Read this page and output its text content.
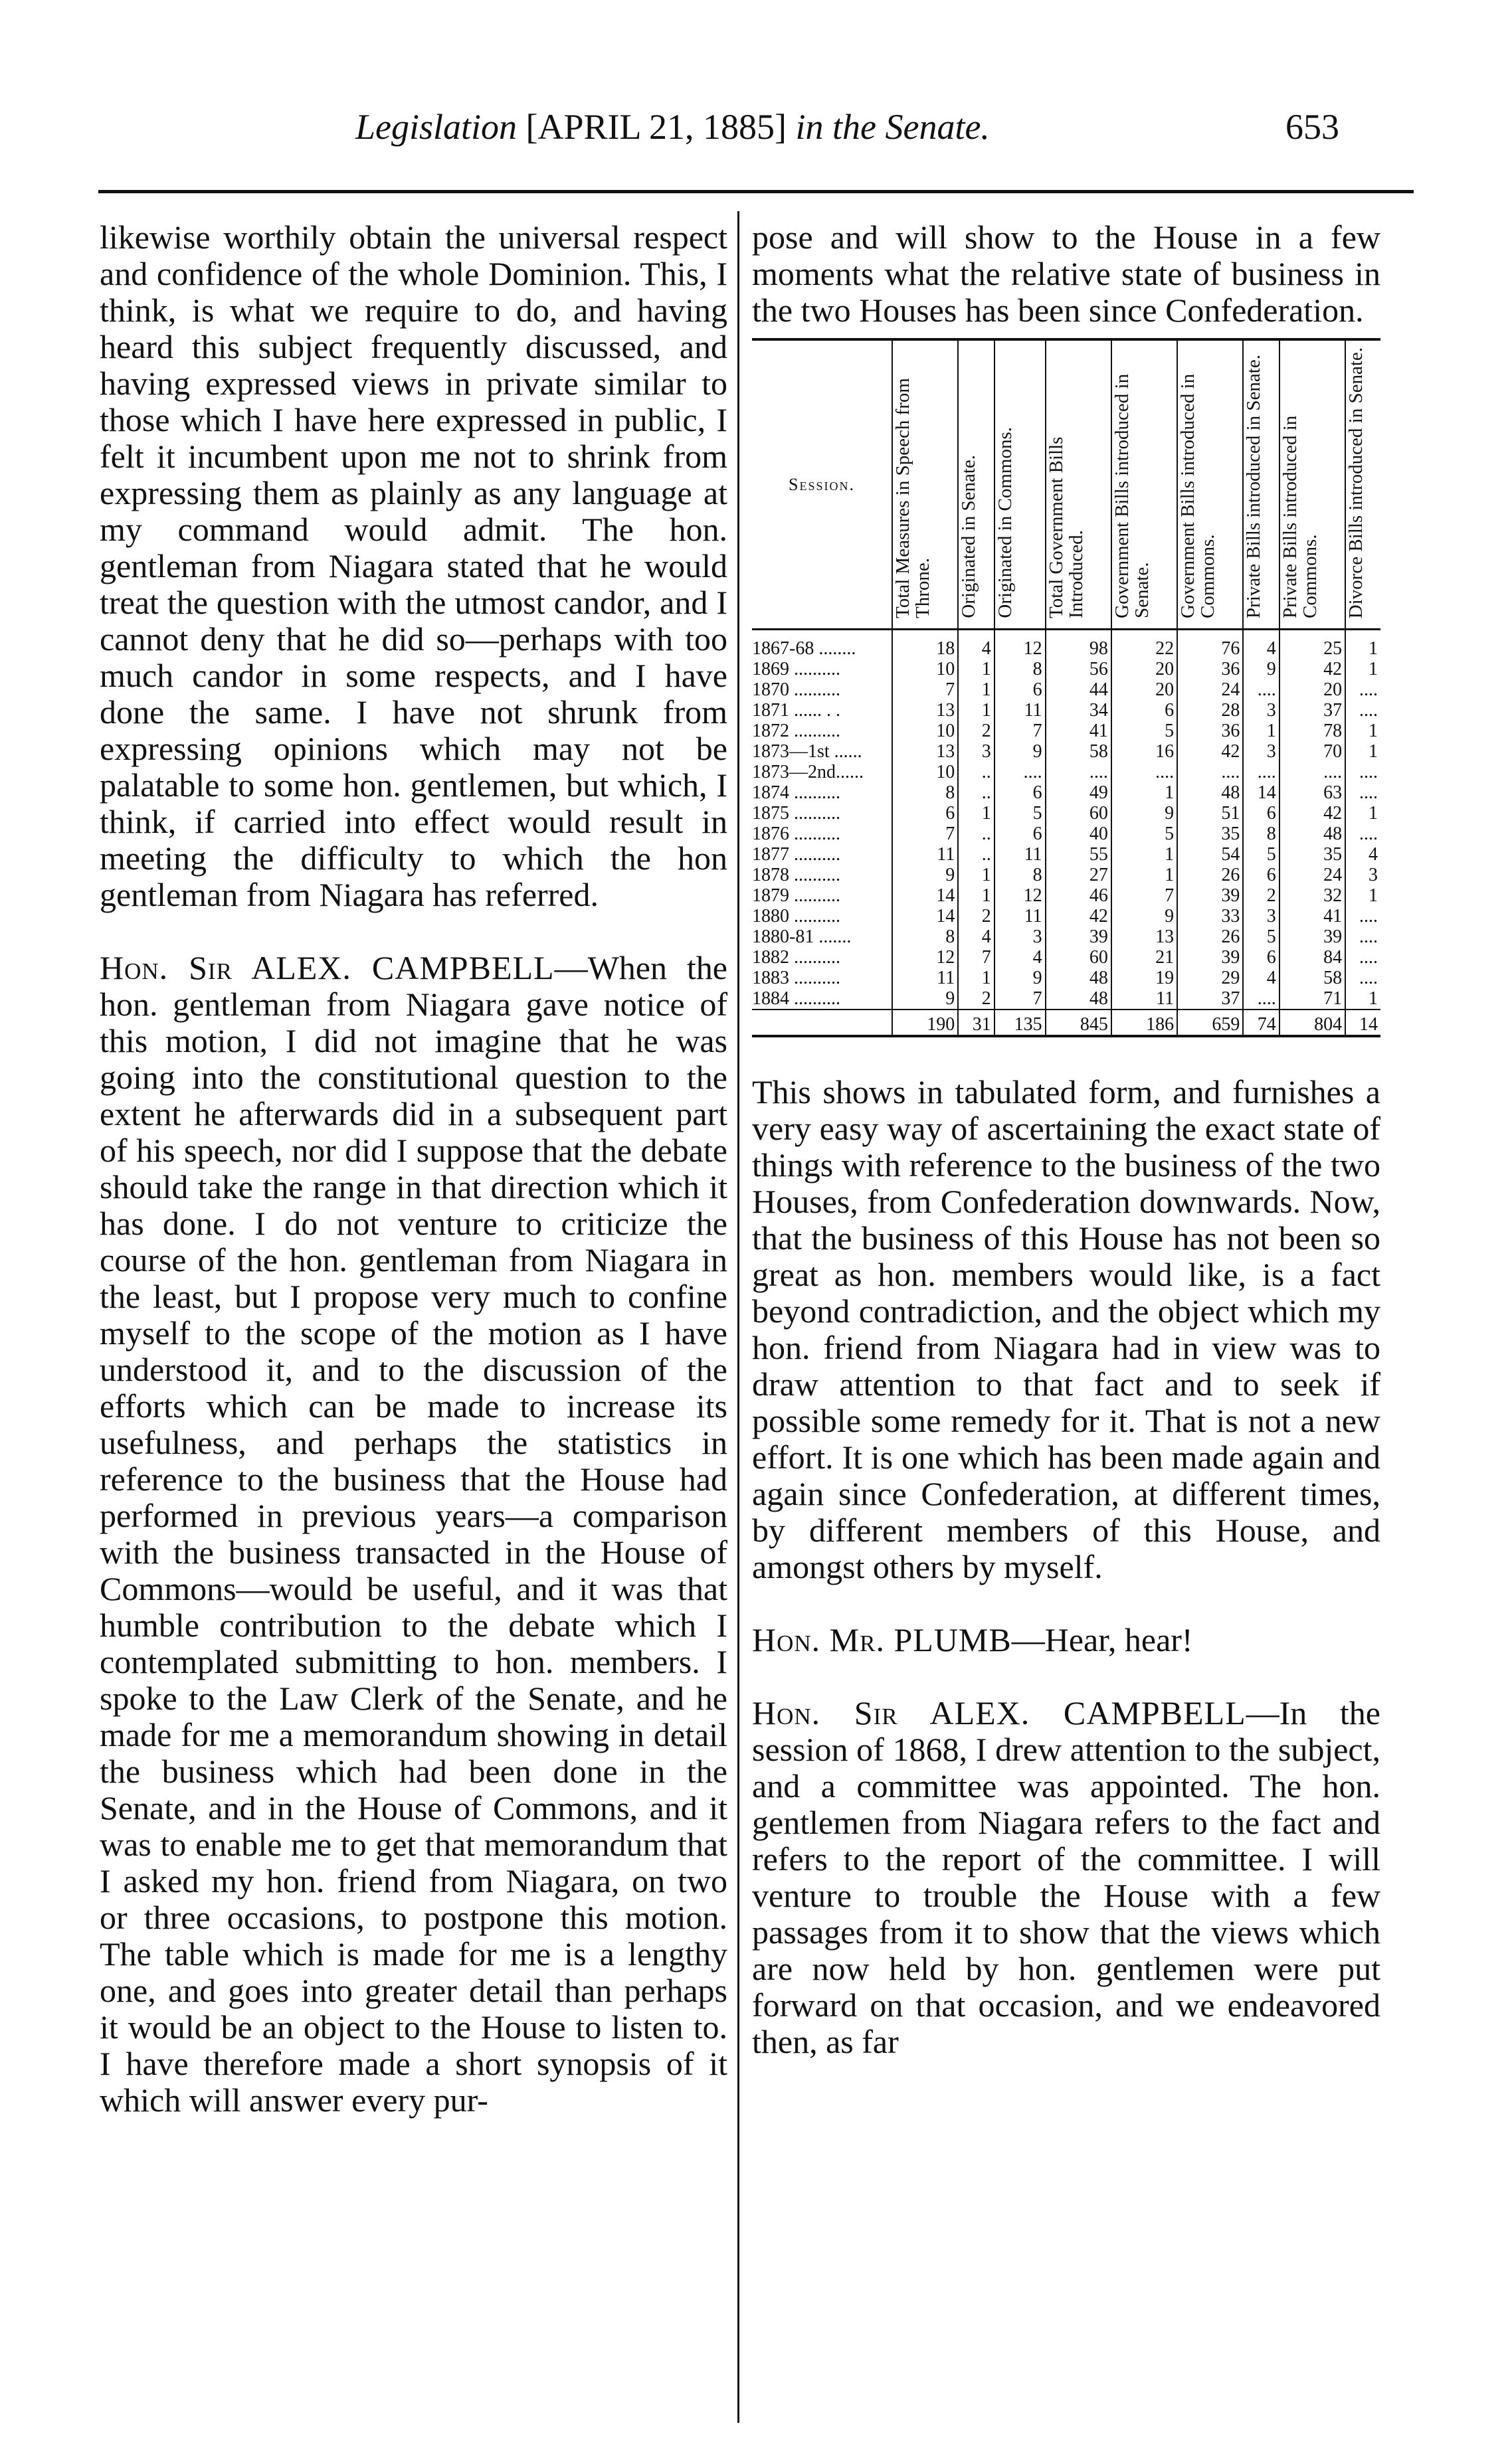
Legislation [APRIL 21, 1885] in the Senate.	653

likewise worthily obtain the universal respect and confidence of the whole Dominion. This, I think, is what we require to do, and having heard this subject frequently discussed, and having expressed views in private similar to those which I have here expressed in public, I felt it incumbent upon me not to shrink from expressing them as plainly as any language at my command would admit. The hon. gentleman from Niagara stated that he would treat the question with the utmost candor, and I cannot deny that he did so—perhaps with too much candor in some respects, and I have done the same. I have not shrunk from expressing opinions which may not be palatable to some hon. gentlemen, but which, I think, if carried into effect would result in meeting the difficulty to which the hon gentleman from Niagara has referred.

Hon. Sir ALEX. CAMPBELL—When the hon. gentleman from Niagara gave notice of this motion, I did not imagine that he was going into the constitutional question to the extent he afterwards did in a subsequent part of his speech, nor did I suppose that the debate should take the range in that direction which it has done. I do not venture to criticize the course of the hon. gentleman from Niagara in the least, but I propose very much to confine myself to the scope of the motion as I have understood it, and to the discussion of the efforts which can be made to increase its usefulness, and perhaps the statistics in reference to the business that the House had performed in previous years—a comparison with the business transacted in the House of Commons—would be useful, and it was that humble contribution to the debate which I contemplated submitting to hon. members. I spoke to the Law Clerk of the Senate, and he made for me a memorandum showing in detail the business which had been done in the Senate, and in the House of Commons, and it was to enable me to get that memorandum that I asked my hon. friend from Niagara, on two or three occasions, to postpone this motion. The table which is made for me is a lengthy one, and goes into greater detail than perhaps it would be an object to the House to listen to. I have therefore made a short synopsis of it which will answer every pur-

pose and will show to the House in a few moments what the relative state of business in the two Houses has been since Confederation.

Session.	Total Measures in Speech from Throne.	Originated in Senate.	Originated in Commons.	Total Government Bills Introduced.	Government Bills introduced in Senate.	Government Bills introduced in Commons.	Private Bills introduced in Senate.	Private Bills introduced in Commons.	Divorce Bills introduced in Senate.
1867-68 ........	18	4	12	98	22	76	4	25	1
1869 ..........	10	1	8	56	20	36	9	42	1
1870 ..........	7	1	6	44	20	24	....	20	....
1871 ...... . .	13	1	11	34	6	28	3	37	....
1872 ..........	10	2	7	41	5	36	1	78	1
1873—1st ......	13	3	9	58	16	42	3	70	1
1873—2nd......	10	..	....	....	....	....	....	....	....
1874 ..........	8	..	6	49	1	48	14	63	....
1875 ..........	6	1	5	60	9	51	6	42	1
1876 ..........	7	..	6	40	5	35	8	48	....
1877 ..........	11	..	11	55	1	54	5	35	4
1878 ..........	9	1	8	27	1	26	6	24	3
1879 ..........	14	1	12	46	7	39	2	32	1
1880 ..........	14	2	11	42	9	33	3	41	....
1880-81 .......	8	4	3	39	13	26	5	39	....
1882 ..........	12	7	4	60	21	39	6	84	....
1883 ..........	11	1	9	48	19	29	4	58	....
1884 ..........	9	2	7	48	11	37	....	71	1
	190	31	135	845	186	659	74	804	14

This shows in tabulated form, and furnishes a very easy way of ascertaining the exact state of things with reference to the business of the two Houses, from Confederation downwards. Now, that the business of this House has not been so great as hon. members would like, is a fact beyond contradiction, and the object which my hon. friend from Niagara had in view was to draw attention to that fact and to seek if possible some remedy for it. That is not a new effort. It is one which has been made again and again since Confederation, at different times, by different members of this House, and amongst others by myself.

Hon. Mr. PLUMB—Hear, hear!

Hon. Sir ALEX. CAMPBELL—In the session of 1868, I drew attention to the subject, and a committee was appointed. The hon. gentlemen from Niagara refers to the fact and refers to the report of the committee. I will venture to trouble the House with a few passages from it to show that the views which are now held by hon. gentlemen were put forward on that occasion, and we endeavored then, as far
